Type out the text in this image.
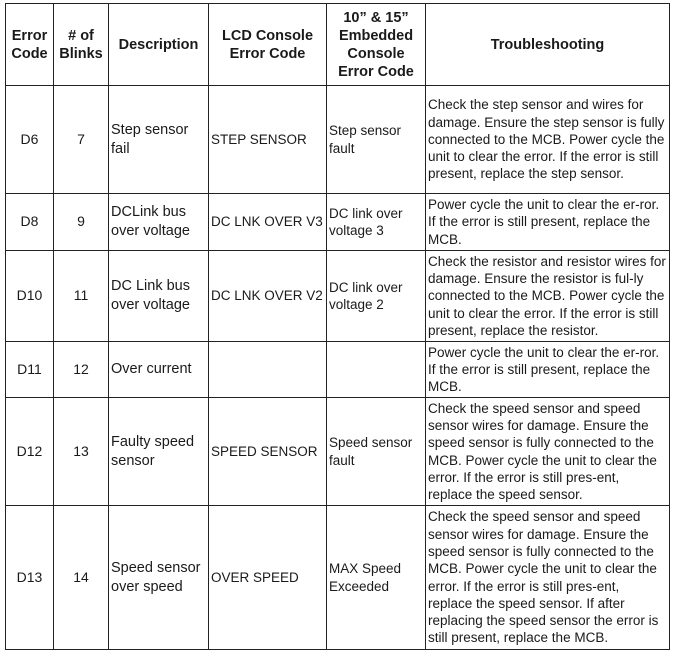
Error Code	# of Blinks	Description	LCD Console Error Code	10” & 15” Embedded Console Error Code	Troubleshooting
D6	7	Step sensor fail	STEP SENSOR	Step sensor fault	Check the step sensor and wires for damage. Ensure the step sensor is fully connected to the MCB. Power cycle the unit to clear the error. If the error is still present, replace the step sensor.
D8	9	DCLink bus over voltage	DC LNK OVER V3	DC link over voltage 3	Power cycle the unit to clear the er-ror. If the error is still present, replace the MCB.
D10	11	DC Link bus over voltage	DC LNK OVER V2	DC link over voltage 2	Check the resistor and resistor wires for damage. Ensure the resistor is ful-ly connected to the MCB. Power cycle the unit to clear the error. If the error is still present, replace the resistor.
D11	12	Over current			Power cycle the unit to clear the er-ror. If the error is still present, replace the MCB.
D12	13	Faulty speed sensor	SPEED SENSOR	Speed sensor fault	Check the speed sensor and speed sensor wires for damage. Ensure the speed sensor is fully connected to the MCB. Power cycle the unit to clear the error. If the error is still pres-ent, replace the speed sensor.
D13	14	Speed sensor over speed	OVER SPEED	MAX Speed Exceeded	Check the speed sensor and speed sensor wires for damage. Ensure the speed sensor is fully connected to the MCB. Power cycle the unit to clear the error. If the error is still pres-ent, replace the speed sensor. If after replacing the speed sensor the error is still present, replace the MCB.
